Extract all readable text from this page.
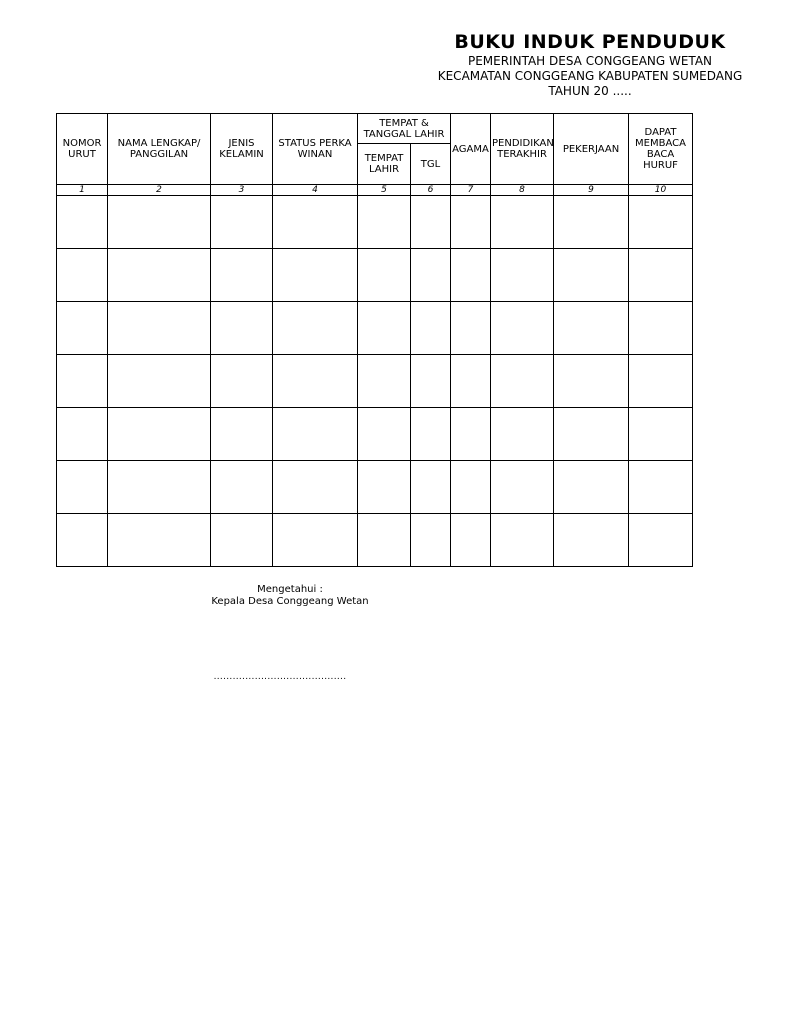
BUKU INDUK PENDUDUK
PEMERINTAH DESA CONGGEANG WETAN
KECAMATAN CONGGEANG KABUPATEN SUMEDANG
TAHUN 20 .....
NOMOR URUT	NAMA LENGKAP/ PANGGILAN	JENIS KELAMIN	STATUS PERKA WINAN	TEMPAT & TANGGAL LAHIR		AGAMA	PENDIDIKAN TERAKHIR	PEKERJAAN	DAPAT MEMBACA BACA HURUF

				TEMPAT LAHIR	TGL				

1	2	3	4	5	6	7	8	9	10

Mengetahui :
Kepala Desa Conggeang Wetan
..........................................
